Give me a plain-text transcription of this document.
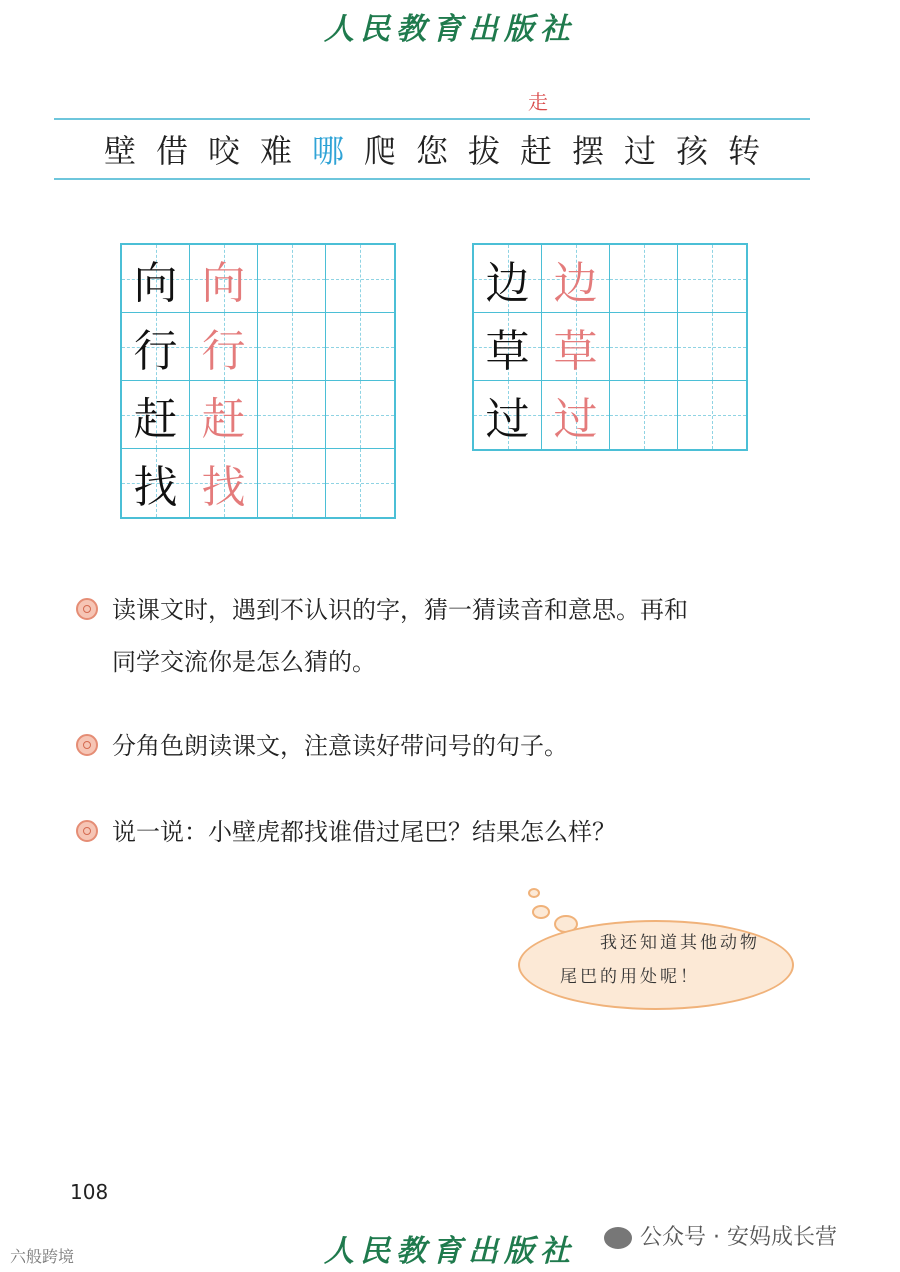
人民教育出版社
走
壁 借 咬 难 哪 爬 您 拔 赶 摆 过 孩 转
向 向
行 行
赶 赶
找 找
边 边
草 草
过 过
读课文时，遇到不认识的字，猜一猜读音和意思。再和
同学交流你是怎么猜的。
分角色朗读课文，注意读好带问号的句子。
说一说：小壁虎都找谁借过尾巴？结果怎么样？
我还知道其他动物
尾巴的用处呢！
108
公众号 · 安妈成长营
六般跨境	人民教育出版社
